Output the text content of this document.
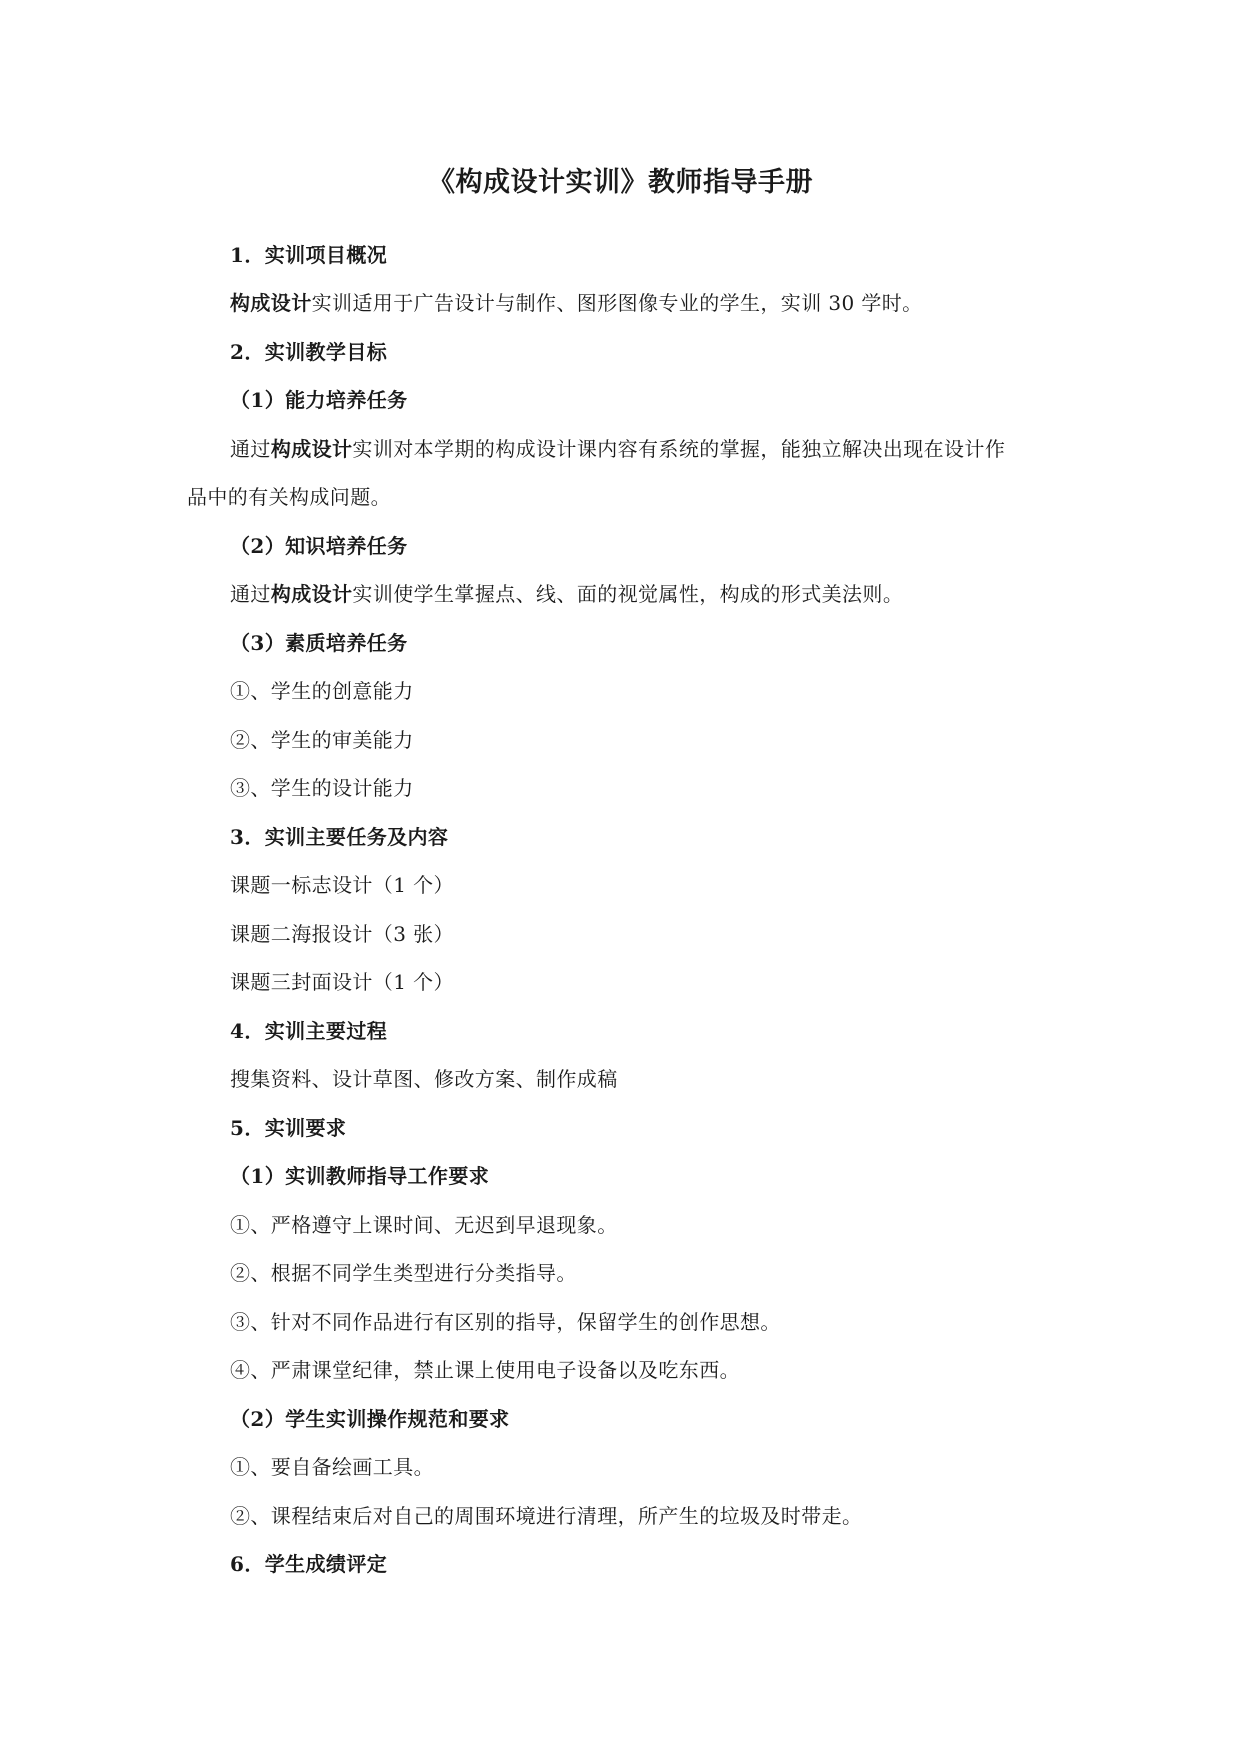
《构成设计实训》教师指导手册
1．实训项目概况
构成设计实训适用于广告设计与制作、图形图像专业的学生，实训 30 学时。
2．实训教学目标
（1）能力培养任务
通过构成设计实训对本学期的构成设计课内容有系统的掌握，能独立解决出现在设计作
品中的有关构成问题。
（2）知识培养任务
通过构成设计实训使学生掌握点、线、面的视觉属性，构成的形式美法则。
（3）素质培养任务
①、学生的创意能力
②、学生的审美能力
③、学生的设计能力
3．实训主要任务及内容
课题一标志设计（1 个）
课题二海报设计（3 张）
课题三封面设计（1 个）
4．实训主要过程
搜集资料、设计草图、修改方案、制作成稿
5．实训要求
（1）实训教师指导工作要求
①、严格遵守上课时间、无迟到早退现象。
②、根据不同学生类型进行分类指导。
③、针对不同作品进行有区别的指导，保留学生的创作思想。
④、严肃课堂纪律，禁止课上使用电子设备以及吃东西。
（2）学生实训操作规范和要求
①、要自备绘画工具。
②、课程结束后对自己的周围环境进行清理，所产生的垃圾及时带走。
6．学生成绩评定
